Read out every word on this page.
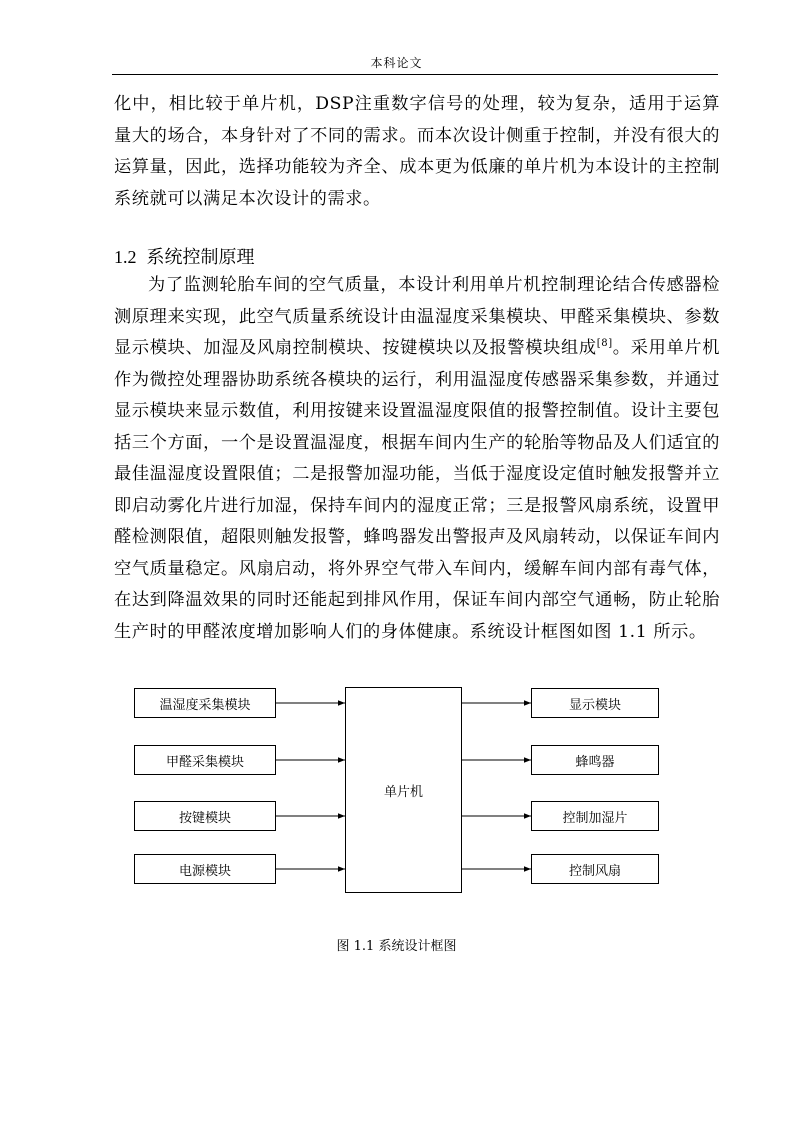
本科论文

化中，相比较于单片机，DSP注重数字信号的处理，较为复杂，适用于运算量大的场合，本身针对了不同的需求。而本次设计侧重于控制，并没有很大的运算量，因此，选择功能较为齐全、成本更为低廉的单片机为本设计的主控制系统就可以满足本次设计的需求。

1.2 系统控制原理

为了监测轮胎车间的空气质量，本设计利用单片机控制理论结合传感器检测原理来实现，此空气质量系统设计由温湿度采集模块、甲醛采集模块、参数显示模块、加湿及风扇控制模块、按键模块以及报警模块组成[8]。采用单片机作为微控处理器协助系统各模块的运行，利用温湿度传感器采集参数，并通过显示模块来显示数值，利用按键来设置温湿度限值的报警控制值。设计主要包括三个方面，一个是设置温湿度，根据车间内生产的轮胎等物品及人们适宜的最佳温湿度设置限值；二是报警加湿功能，当低于湿度设定值时触发报警并立即启动雾化片进行加湿，保持车间内的湿度正常；三是报警风扇系统，设置甲醛检测限值，超限则触发报警，蜂鸣器发出警报声及风扇转动，以保证车间内空气质量稳定。风扇启动，将外界空气带入车间内，缓解车间内部有毒气体，在达到降温效果的同时还能起到排风作用，保证车间内部空气通畅，防止轮胎生产时的甲醛浓度增加影响人们的身体健康。系统设计框图如图 1.1 所示。

温湿度采集模块
甲醛采集模块
按键模块
电源模块
单片机
显示模块
蜂鸣器
控制加湿片
控制风扇
图 1.1 系统设计框图
